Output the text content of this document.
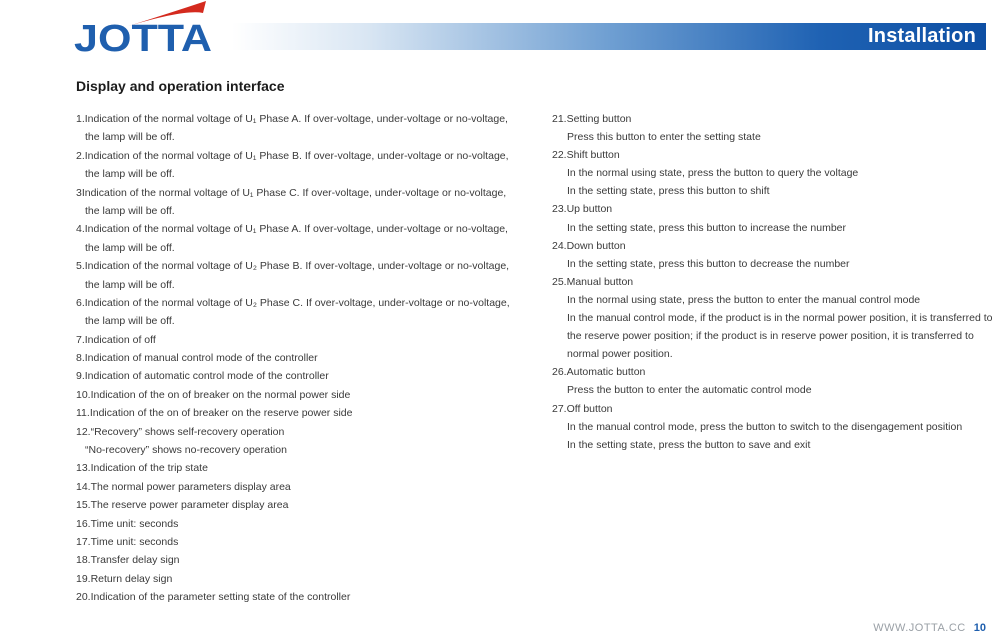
JOTTA	Installation
Display and operation interface
1.Indication of the normal voltage of U₁ Phase A. If over-voltage, under-voltage or no-voltage,
the lamp will be off.
2.Indication of the normal voltage of U₁ Phase B. If over-voltage, under-voltage or no-voltage,
the lamp will be off.
3Indication of the normal voltage of U₁ Phase C. If over-voltage, under-voltage or no-voltage,
the lamp will be off.
4.Indication of the normal voltage of U₁ Phase A. If over-voltage, under-voltage or no-voltage,
the lamp will be off.
5.Indication of the normal voltage of U₂ Phase B. If over-voltage, under-voltage or no-voltage,
the lamp will be off.
6.Indication of the normal voltage of U₂ Phase C. If over-voltage, under-voltage or no-voltage,
the lamp will be off.
7.Indication of off
8.Indication of manual control mode of the controller
9.Indication of automatic control mode of the controller
10.Indication of the on of breaker on the normal power side
11.Indication of the on of breaker on the reserve power side
12.“Recovery” shows self-recovery operation
“No-recovery” shows no-recovery operation
13.Indication of the trip state
14.The normal power parameters display area
15.The reserve power parameter display area
16.Time unit: seconds
17.Time unit: seconds
18.Transfer delay sign
19.Return delay sign
20.Indication of the parameter setting state of the controller
21.Setting button
Press this button to enter the setting state
22.Shift button
In the normal using state, press the button to query the voltage
In the setting state, press this button to shift
23.Up button
In the setting state, press this button to increase the number
24.Down button
In the setting state, press this button to decrease the number
25.Manual button
In the normal using state, press the button to enter the manual control mode
In the manual control mode, if the product is in the normal power position, it is transferred to
the reserve power position; if the product is in reserve power position, it is transferred to
normal power position.
26.Automatic button
Press the button to enter the automatic control mode
27.Off button
In the manual control mode, press the button to switch to the disengagement position
In the setting state, press the button to save and exit
WWW.JOTTA.CC 10
